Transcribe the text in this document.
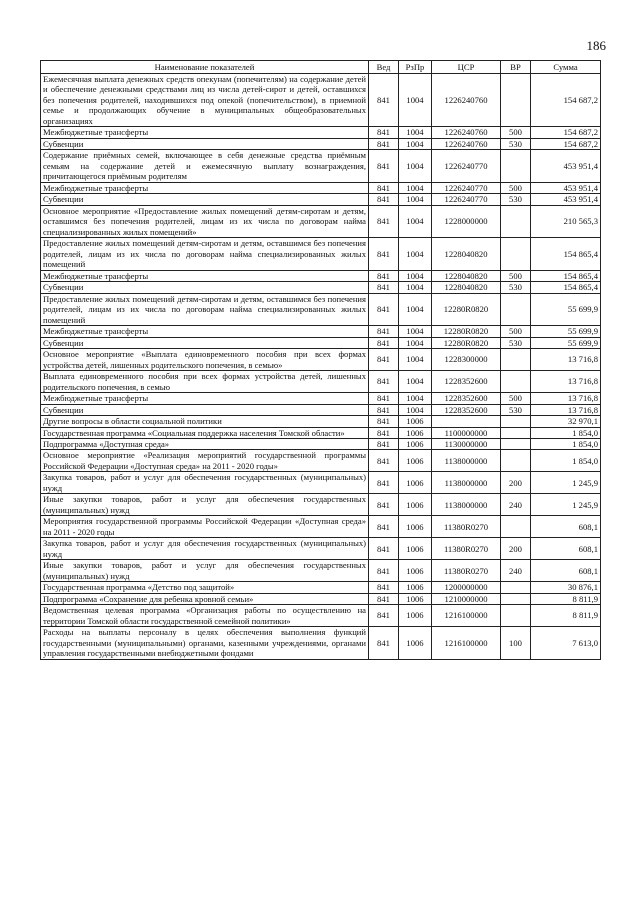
186
Наименование показателей	Вед	РзПр	ЦСР	ВР	Сумма
Ежемесячная выплата денежных средств опекунам (попечителям) на содержание детей и обеспечение денежными средствами лиц из числа детей-сирот и детей, оставшихся без попечения родителей, находившихся под опекой (попечительством), в приемной семье и продолжающих обучение в муниципальных общеобразовательных организациях	841	1004	1226240760		154 687,2
Межбюджетные трансферты	841	1004	1226240760	500	154 687,2
Субвенции	841	1004	1226240760	530	154 687,2
Содержание приёмных семей, включающее в себя денежные средства приёмным семьям на содержание детей и ежемесячную выплату вознаграждения, причитающегося приёмным родителям	841	1004	1226240770		453 951,4
Межбюджетные трансферты	841	1004	1226240770	500	453 951,4
Субвенции	841	1004	1226240770	530	453 951,4
Основное мероприятие «Предоставление жилых помещений детям-сиротам и детям, оставшимся без попечения родителей, лицам из их числа по договорам найма специализированных жилых помещений»	841	1004	1228000000		210 565,3
Предоставление жилых помещений детям-сиротам и детям, оставшимся без попечения родителей, лицам из их числа по договорам найма специализированных жилых помещений	841	1004	1228040820		154 865,4
Межбюджетные трансферты	841	1004	1228040820	500	154 865,4
Субвенции	841	1004	1228040820	530	154 865,4
Предоставление жилых помещений детям-сиротам и детям, оставшимся без попечения родителей, лицам из их числа по договорам найма специализированных жилых помещений	841	1004	12280R0820		55 699,9
Межбюджетные трансферты	841	1004	12280R0820	500	55 699,9
Субвенции	841	1004	12280R0820	530	55 699,9
Основное мероприятие «Выплата единовременного пособия при всех формах устройства детей, лишенных родительского попечения, в семью»	841	1004	1228300000		13 716,8
Выплата единовременного пособия при всех формах устройства детей, лишенных родительского попечения, в семью	841	1004	1228352600		13 716,8
Межбюджетные трансферты	841	1004	1228352600	500	13 716,8
Субвенции	841	1004	1228352600	530	13 716,8
Другие вопросы в области социальной политики	841	1006			32 970,1
Государственная программа «Социальная поддержка населения Томской области»	841	1006	1100000000		1 854,0
Подпрограмма «Доступная среда»	841	1006	1130000000		1 854,0
Основное мероприятие «Реализация мероприятий государственной программы Российской Федерации «Доступная среда» на 2011 - 2020 годы»	841	1006	1138000000		1 854,0
Закупка товаров, работ и услуг для обеспечения государственных (муниципальных) нужд	841	1006	1138000000	200	1 245,9
Иные закупки товаров, работ и услуг для обеспечения государственных (муниципальных) нужд	841	1006	1138000000	240	1 245,9
Мероприятия государственной программы Российской Федерации «Доступная среда» на 2011 - 2020 годы	841	1006	11380R0270		608,1
Закупка товаров, работ и услуг для обеспечения государственных (муниципальных) нужд	841	1006	11380R0270	200	608,1
Иные закупки товаров, работ и услуг для обеспечения государственных (муниципальных) нужд	841	1006	11380R0270	240	608,1
Государственная программа «Детство под защитой»	841	1006	1200000000		30 876,1
Подпрограмма «Сохранение для ребенка кровной семьи»	841	1006	1210000000		8 811,9
Ведомственная целевая программа «Организация работы по осуществлению на территории Томской области государственной семейной политики»	841	1006	1216100000		8 811,9
Расходы на выплаты персоналу в целях обеспечения выполнения функций государственными (муниципальными) органами, казенными учреждениями, органами управления государственными внебюджетными фондами	841	1006	1216100000	100	7 613,0
